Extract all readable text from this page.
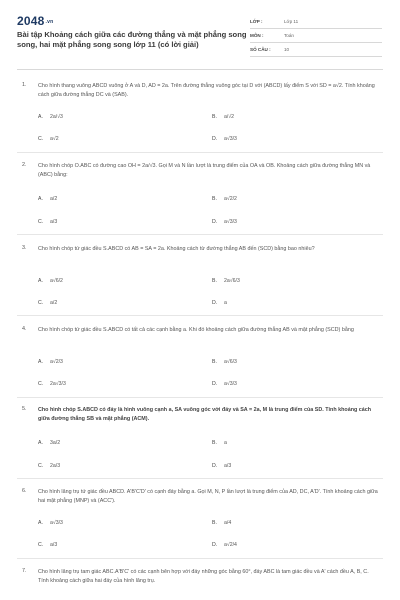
2048.vn
Bài tập Khoảng cách giữa các đường thẳng và mặt phẳng song song, hai mặt phẳng song song lớp 11 (có lời giải)
LỚP :	Lớp 11
MÔN :	Toán
SỐ CÂU :	10
1. Cho hình thang vuông ABCD vuông ở A và D, AD = 2a. Trên đường thẳng vuông góc tại D với (ABCD) lấy điểm S với SD = a√2. Tính khoảng cách giữa đường thẳng DC và (SAB).
A. 2a/√3	B. a/√2
C. a√2	D. a√3/3
2. Cho hình chóp O.ABC có đường cao OH = 2a/√3. Gọi M và N lần lượt là trung điểm của OA và OB. Khoảng cách giữa đường thẳng MN và (ABC) bằng:
A. a/2	B. a√2/2
C. a/3	D. a√3/3
3. Cho hình chóp tứ giác đều S.ABCD có AB = SA = 2a. Khoảng cách từ đường thẳng AB đến (SCD) bằng bao nhiêu?
A. a√6/2	B. 2a√6/3
C. a/2	D. a
4. Cho hình chóp tứ giác đều S.ABCD có tất cả các cạnh bằng a. Khi đó khoảng cách giữa đường thẳng AB và mặt phẳng (SCD) bằng
A. a√2/3	B. a√6/3
C. 2a√3/3	D. a√3/3
5. Cho hình chóp S.ABCD có đáy là hình vuông cạnh a, SA vuông góc với đáy và SA = 2a, M là trung điểm của SD. Tính khoảng cách giữa đường thẳng SB và mặt phẳng (ACM).
A. 3a/2	B. a
C. 2a/3	D. a/3
6. Cho hình lăng trụ tứ giác đều ABCD. A'B'C'D' có cạnh đáy bằng a. Gọi M, N, P lần lượt là trung điểm của AD, DC, A'D'. Tính khoảng cách giữa hai mặt phẳng (MNP) và (ACC').
A. a√3/3	B. a/4
C. a/3	D. a√2/4
7. Cho hình lăng trụ tam giác ABC.A'B'C' có các cạnh bên hợp với đáy những góc bằng 60°, đáy ABC là tam giác đều và A' cách đều A, B, C. Tính khoảng cách giữa hai đáy của hình lăng trụ.
